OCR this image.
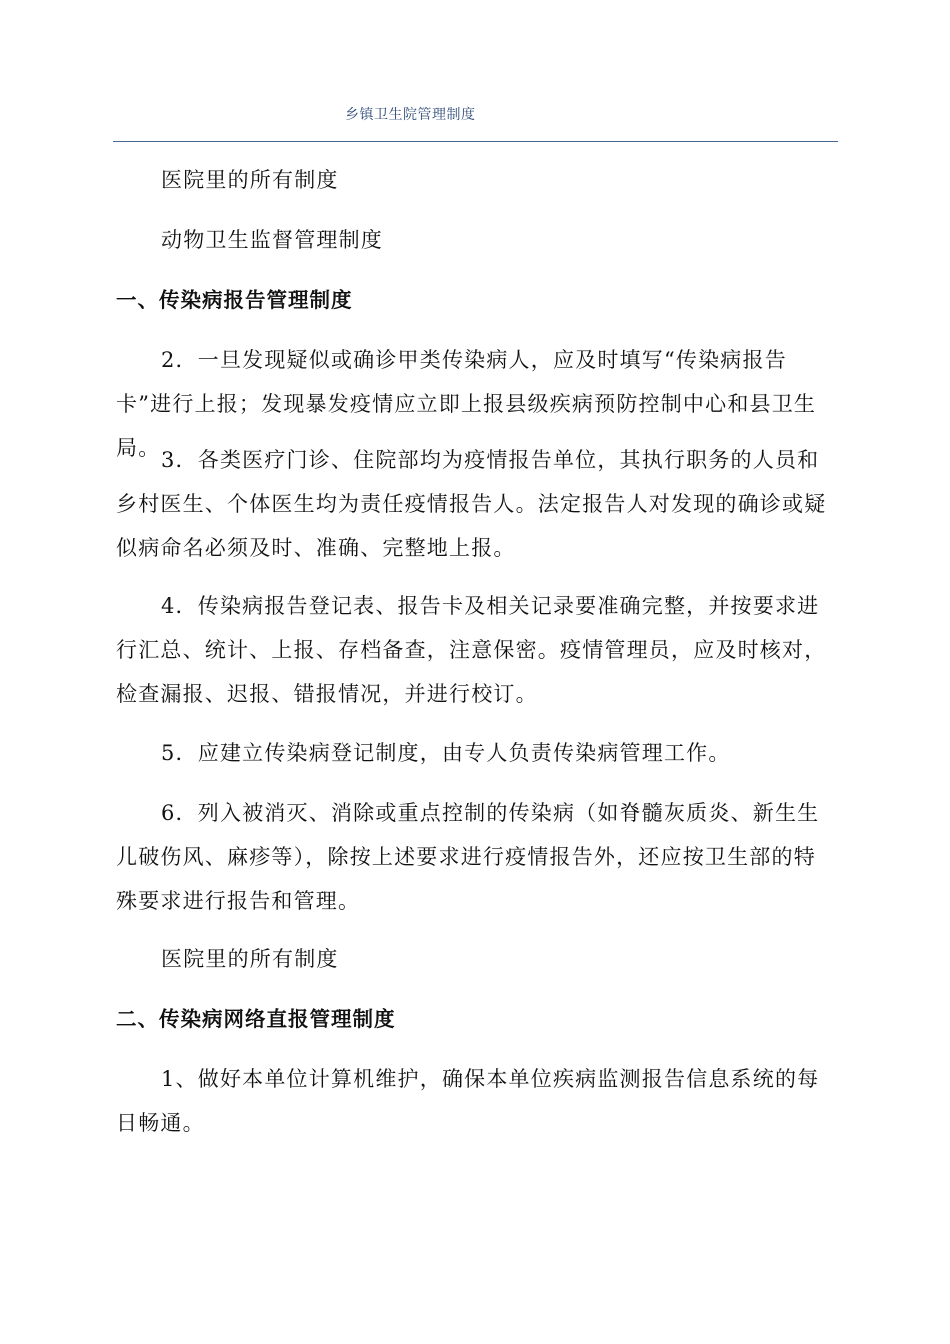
乡镇卫生院管理制度

医院里的所有制度

动物卫生监督管理制度

一、传染病报告管理制度

2．一旦发现疑似或确诊甲类传染病人，应及时填写“传染病报告卡”进行上报；发现暴发疫情应立即上报县级疾病预防控制中心和县卫生局。 3．各类医疗门诊、住院部均为疫情报告单位，其执行职务的人员和乡村医生、个体医生均为责任疫情报告人。法定报告人对发现的确诊或疑似病命名必须及时、准确、完整地上报。

4．传染病报告登记表、报告卡及相关记录要准确完整，并按要求进行汇总、统计、上报、存档备查，注意保密。疫情管理员，应及时核对，检查漏报、迟报、错报情况，并进行校订。

5．应建立传染病登记制度，由专人负责传染病管理工作。

6．列入被消灭、消除或重点控制的传染病（如脊髓灰质炎、新生生儿破伤风、麻疹等），除按上述要求进行疫情报告外，还应按卫生部的特殊要求进行报告和管理。

医院里的所有制度

二、传染病网络直报管理制度

1、做好本单位计算机维护，确保本单位疾病监测报告信息系统的每日畅通。
